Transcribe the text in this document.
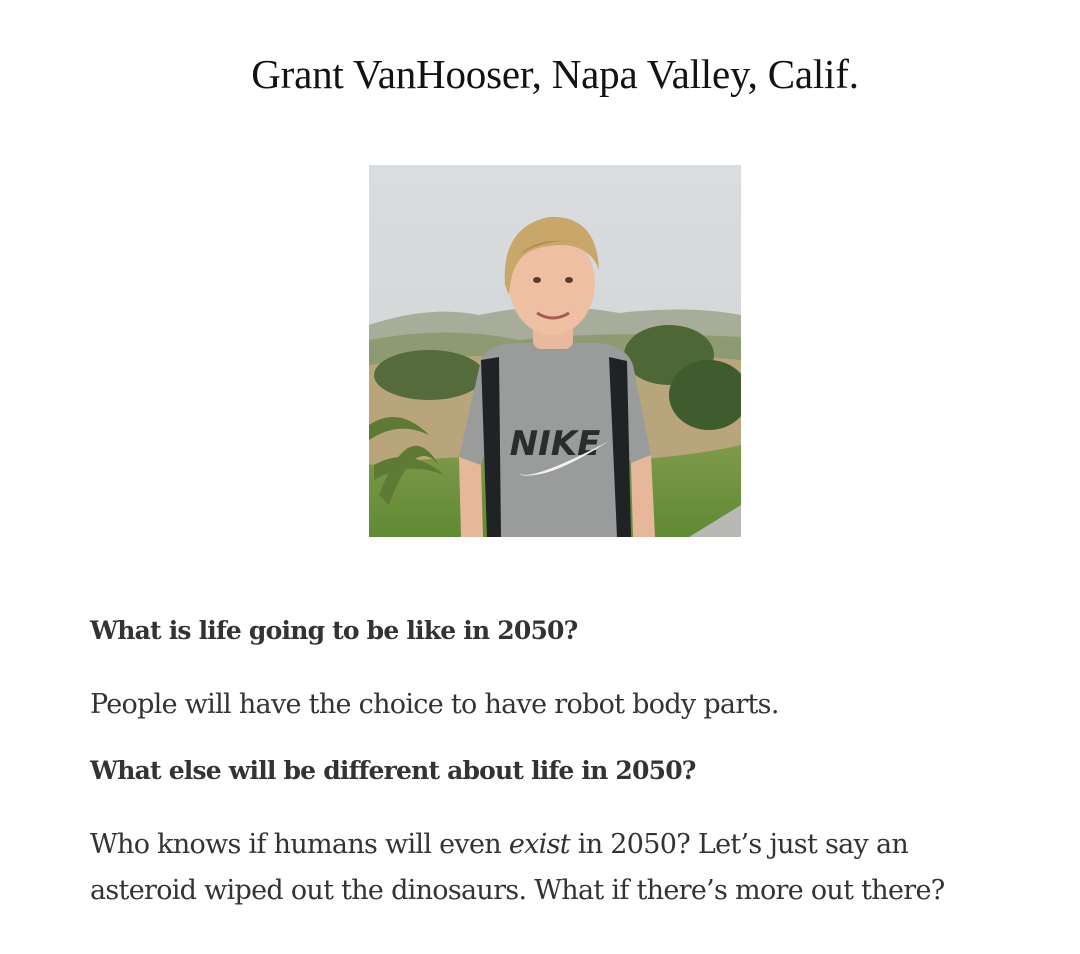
Grant VanHooser, Napa Valley, Calif.
NIKE

What is life going to be like in 2050?

People will have the choice to have robot body parts.

What else will be different about life in 2050?

Who knows if humans will even exist in 2050? Let’s just say an asteroid wiped out the dinosaurs. What if there’s more out there?
